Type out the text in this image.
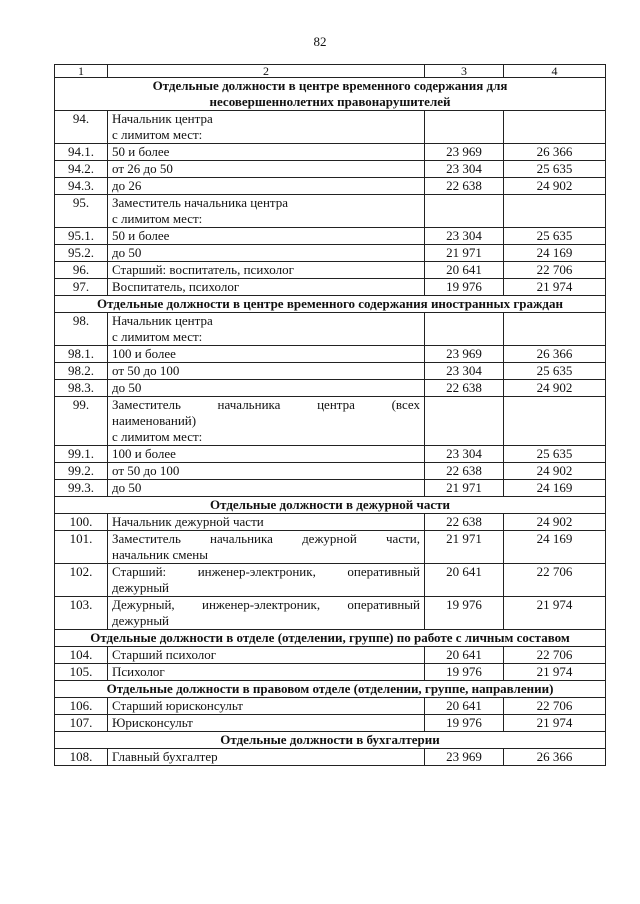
82
1	2	3	4

Отдельные должности в центре временного содержания для
несовершеннолетних правонарушителей			

94.	Начальник центра
с лимитом мест:		

94.1.	50 и более	23 969	26 366
94.2.	от 26 до 50	23 304	25 635
94.3.	до 26	22 638	24 902
95.	Заместитель начальника центра
с лимитом мест:		

95.1.	50 и более	23 304	25 635
95.2.	до 50	21 971	24 169
96.	Старший: воспитатель, психолог	20 641	22 706
97.	Воспитатель, психолог	19 976	21 974

Отдельные должности в центре временного содержания иностранных граждан			

98.	Начальник центра
с лимитом мест:		

98.1.	100 и более	23 969	26 366
98.2.	от 50 до 100	23 304	25 635
98.3.	до 50	22 638	24 902
99.	Заместитель начальника центра (всех
наименований)
с лимитом мест:		

99.1.	100 и более	23 304	25 635
99.2.	от 50 до 100	22 638	24 902
99.3.	до 50	21 971	24 169

Отдельные должности в дежурной части			

100.	Начальник дежурной части	22 638	24 902
101.	Заместитель начальника дежурной части,
начальник смены	21 971	24 169
102.	Старший: инженер-электроник, оперативный
дежурный	20 641	22 706
103.	Дежурный, инженер-электроник, оперативный
дежурный	19 976	21 974

Отдельные должности в отделе (отделении, группе) по работе с личным составом			

104.	Старший психолог	20 641	22 706
105.	Психолог	19 976	21 974

Отдельные должности в правовом отделе (отделении, группе, направлении)			

106.	Старший юрисконсульт	20 641	22 706
107.	Юрисконсульт	19 976	21 974

Отдельные должности в бухгалтерии			

108.	Главный бухгалтер	23 969	26 366
